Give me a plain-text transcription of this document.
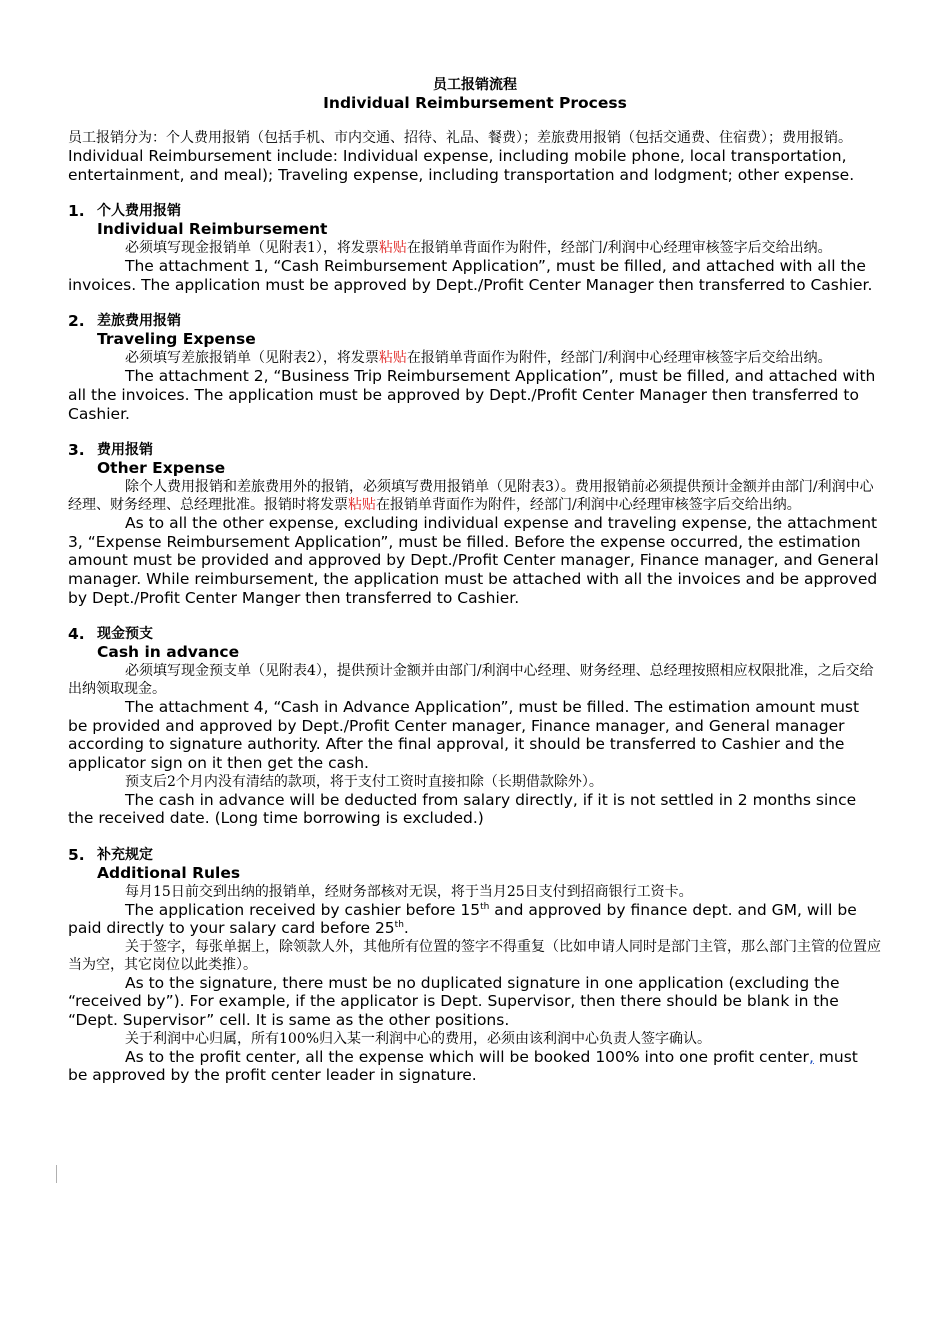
员工报销流程
Individual Reimbursement Process
员工报销分为：个人费用报销（包括手机、市内交通、招待、礼品、餐费）；差旅费用报销（包括交通费、住宿费）；费用报销。
Individual Reimbursement include: Individual expense, including mobile phone, local transportation, entertainment, and meal); Traveling expense, including transportation and lodgment; other expense.
1. 个人费用报销
Individual Reimbursement
必须填写现金报销单（见附表1），将发票粘贴在报销单背面作为附件，经部门/利润中心经理审核签字后交给出纳。
The attachment 1, “Cash Reimbursement Application”, must be filled, and attached with all the invoices. The application must be approved by Dept./Profit Center Manager then transferred to Cashier.
2. 差旅费用报销
Traveling Expense
必须填写差旅报销单（见附表2），将发票粘贴在报销单背面作为附件，经部门/利润中心经理审核签字后交给出纳。
The attachment 2, “Business Trip Reimbursement Application”, must be filled, and attached with all the invoices. The application must be approved by Dept./Profit Center Manager then transferred to Cashier.
3. 费用报销
Other Expense
除个人费用报销和差旅费用外的报销，必须填写费用报销单（见附表3）。费用报销前必须提供预计金额并由部门/利润中心经理、财务经理、总经理批准。报销时将发票粘贴在报销单背面作为附件，经部门/利润中心经理审核签字后交给出纳。
As to all the other expense, excluding individual expense and traveling expense, the attachment 3, “Expense Reimbursement Application”, must be filled. Before the expense occurred, the estimation amount must be provided and approved by Dept./Profit Center manager, Finance manager, and General manager. While reimbursement, the application must be attached with all the invoices and be approved by Dept./Profit Center Manger then transferred to Cashier.
4. 现金预支
Cash in advance
必须填写现金预支单（见附表4），提供预计金额并由部门/利润中心经理、财务经理、总经理按照相应权限批准，之后交给出纳领取现金。
The attachment 4, “Cash in Advance Application”, must be filled. The estimation amount must be provided and approved by Dept./Profit Center manager, Finance manager, and General manager according to signature authority. After the final approval, it should be transferred to Cashier and the applicator sign on it then get the cash.
预支后2个月内没有清结的款项，将于支付工资时直接扣除（长期借款除外）。
The cash in advance will be deducted from salary directly, if it is not settled in 2 months since the received date. (Long time borrowing is excluded.)
5. 补充规定
Additional Rules
每月15日前交到出纳的报销单，经财务部核对无误，将于当月25日支付到招商银行工资卡。
The application received by cashier before 15th and approved by finance dept. and GM, will be paid directly to your salary card before 25th.
关于签字，每张单据上，除领款人外，其他所有位置的签字不得重复（比如申请人同时是部门主管，那么部门主管的位置应当为空，其它岗位以此类推）。
As to the signature, there must be no duplicated signature in one application (excluding the “received by”). For example, if the applicator is Dept. Supervisor, then there should be blank in the “Dept. Supervisor” cell. It is same as the other positions.
关于利润中心归属，所有100%归入某一利润中心的费用，必须由该利润中心负责人签字确认。
As to the profit center, all the expense which will be booked 100% into one profit center, must be approved by the profit center leader in signature.
